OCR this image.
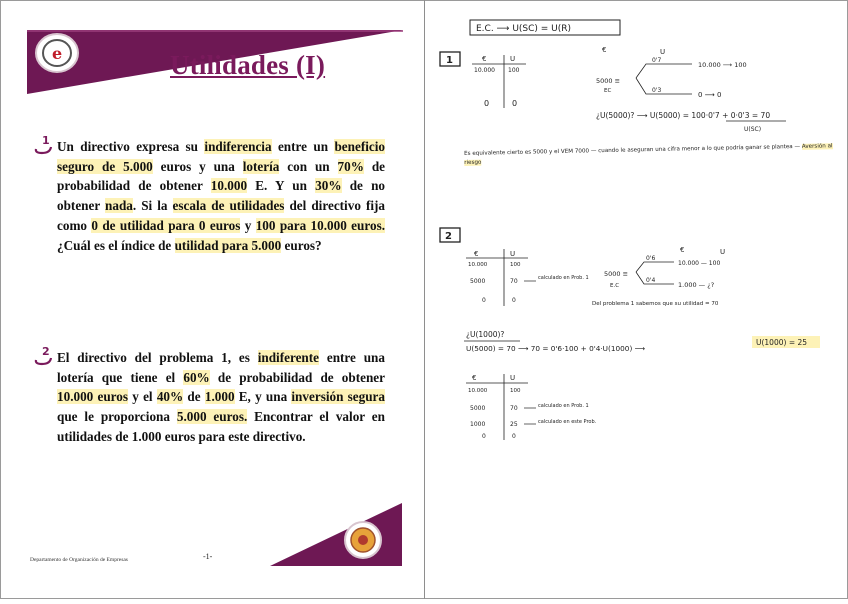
e	Utilidades (I)
1 Un directivo expresa su indiferencia entre un beneficio seguro de 5.000 euros y una lotería con un 70% de probabilidad de obtener 10.000 E. Y un 30% de no obtener nada. Si la escala de utilidades del directivo fija como 0 de utilidad para 0 euros y 100 para 10.000 euros. ¿Cuál es el índice de utilidad para 5.000 euros?
2 El directivo del problema 1, es indiferente entre una lotería que tiene el 60% de probabilidad de obtener 10.000 euros y el 40% de 1.000 E, y una inversión segura que le proporciona 5.000 euros. Encontrar el valor en utilidades de 1.000 euros para este directivo.
Departamento de Organización de Empresas	-1-
E.C. ⟶ U(SC) = U(R)
1	€	U
10.000 100
0	0
€	U
5000 ≡
EC
0'7
0'3
10.000 ⟶ 100
0 ⟶ 0
¿U(5000)? ⟶ U(5000) = 100·0'7 + 0·0'3 = 70
U(SC)
Es equivalente cierto es 5000 y el VEM 7000 — cuando le aseguran una cifra menor a lo que podría ganar se plantea — Aversión al riesgo
2
€	U
10.000	100
5000	70
0	0
calculado en Prob. 1
€	U
5000 ≡
E.C
0'6
0'4
10.000 — 100
1.000 — ¿?
Del problema 1 sabemos que su utilidad = 70
¿U(1000)?
U(5000) = 70 ⟶ 70 = 0'6·100 + 0'4·U(1000) ⟶
U(1000) = 25
€	U
10.000	100
5000	70	calculado en Prob. 1
1000	25	calculado en este Prob.
0	0
